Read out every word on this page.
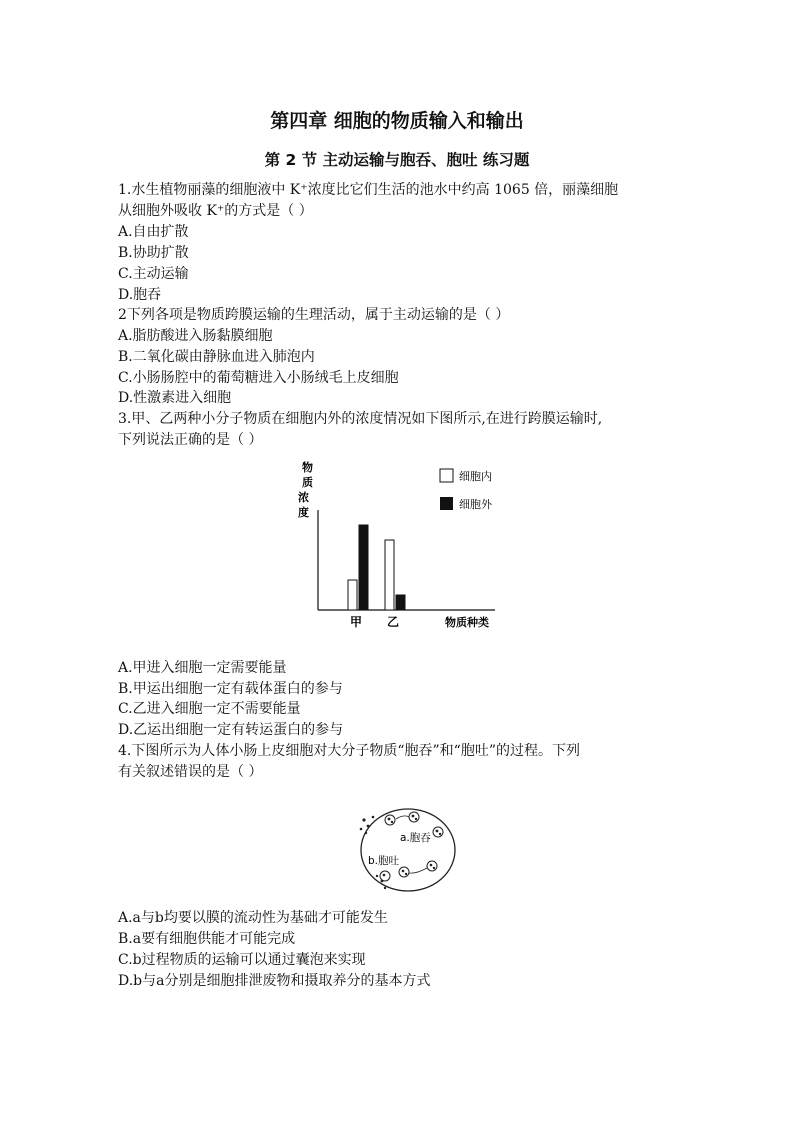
第四章 细胞的物质输入和输出
第 2 节 主动运输与胞吞、胞吐 练习题
1.水生植物丽藻的细胞液中 K⁺浓度比它们生活的池水中约高 1065 倍，丽藻细胞
从细胞外吸收 K⁺的方式是（ ）
A.自由扩散
B.协助扩散
C.主动运输
D.胞吞
2下列各项是物质跨膜运输的生理活动，属于主动运输的是（ ）
A.脂肪酸进入肠黏膜细胞
B.二氧化碳由静脉血进入肺泡内
C.小肠肠腔中的葡萄糖进入小肠绒毛上皮细胞
D.性激素进入细胞
3.甲、乙两种小分子物质在细胞内外的浓度情况如下图所示,在进行跨膜运输时,
下列说法正确的是（ ）
物
质
浓
度
甲 乙	物质种类
细胞内
细胞外
A.甲进入细胞一定需要能量
B.甲运出细胞一定有载体蛋白的参与
C.乙进入细胞一定不需要能量
D.乙运出细胞一定有转运蛋白的参与
4.下图所示为人体小肠上皮细胞对大分子物质“胞吞”和“胞吐”的过程。下列
有关叙述错误的是（ ）
a.胞吞
b.胞吐
A.a与b均要以膜的流动性为基础才可能发生
B.a要有细胞供能才可能完成
C.b过程物质的运输可以通过囊泡来实现
D.b与a分别是细胞排泄废物和摄取养分的基本方式
